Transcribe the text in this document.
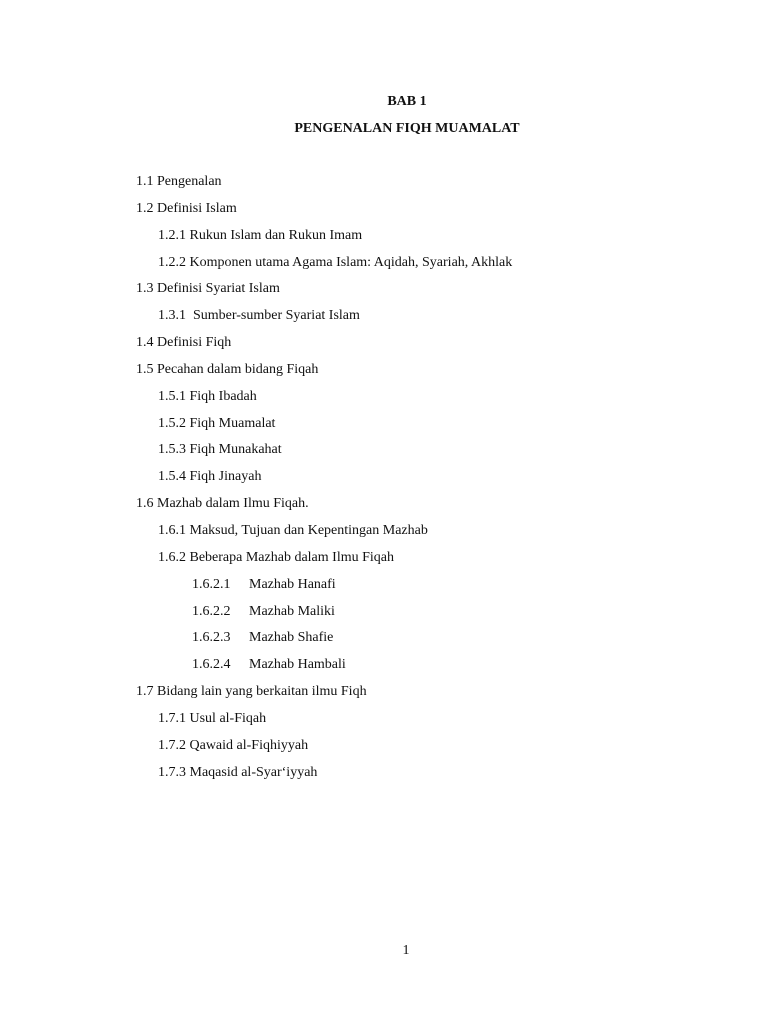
BAB 1
PENGENALAN FIQH MUAMALAT
1.1 Pengenalan
1.2 Definisi Islam
1.2.1 Rukun Islam dan Rukun Imam
1.2.2 Komponen utama Agama Islam: Aqidah, Syariah, Akhlak
1.3 Definisi Syariat Islam
1.3.1  Sumber-sumber Syariat Islam
1.4 Definisi Fiqh
1.5 Pecahan dalam bidang Fiqah
1.5.1 Fiqh Ibadah
1.5.2 Fiqh Muamalat
1.5.3 Fiqh Munakahat
1.5.4 Fiqh Jinayah
1.6 Mazhab dalam Ilmu Fiqah.
1.6.1 Maksud, Tujuan dan Kepentingan Mazhab
1.6.2 Beberapa Mazhab dalam Ilmu Fiqah
1.6.2.1 Mazhab Hanafi
1.6.2.2 Mazhab Maliki
1.6.2.3 Mazhab Shafie
1.6.2.4 Mazhab Hambali
1.7 Bidang lain yang berkaitan ilmu Fiqh
1.7.1 Usul al-Fiqah
1.7.2 Qawaid al-Fiqhiyyah
1.7.3 Maqasid al-Syar‘iyyah
1
